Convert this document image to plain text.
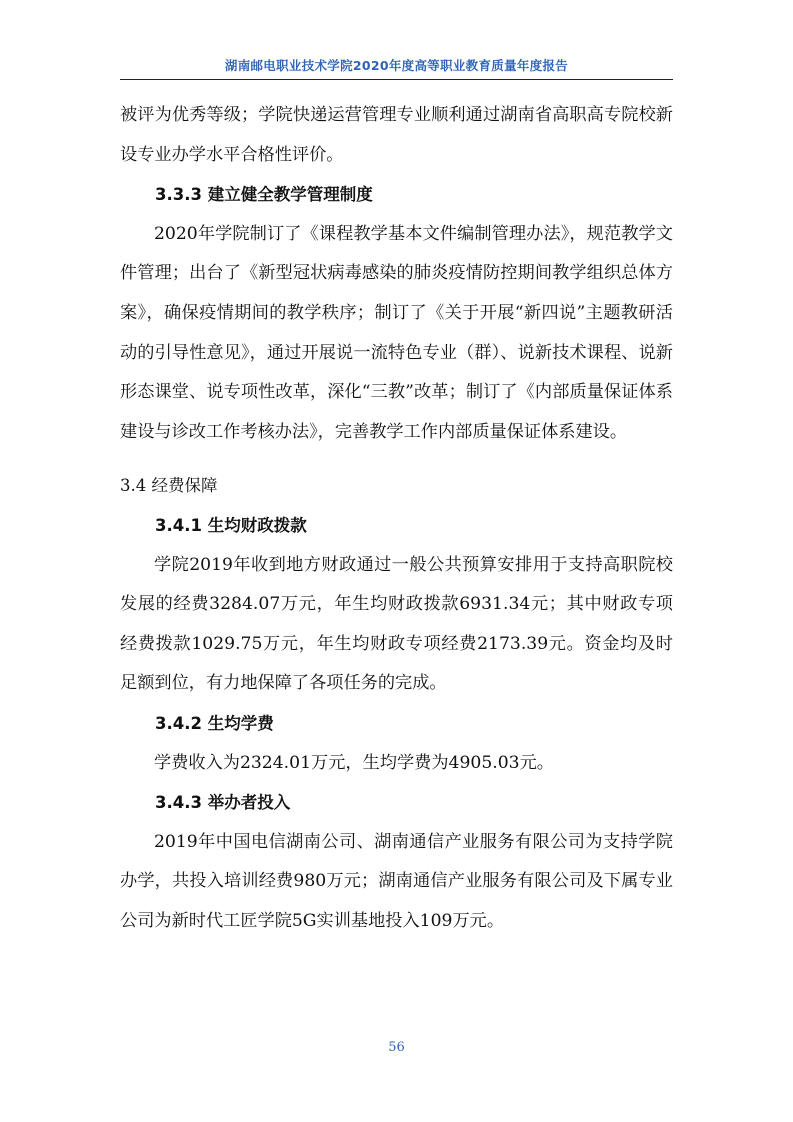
湖南邮电职业技术学院2020年度高等职业教育质量年度报告

被评为优秀等级；学院快递运营管理专业顺利通过湖南省高职高专院校新设专业办学水平合格性评价。

3.3.3 建立健全教学管理制度

2020年学院制订了《课程教学基本文件编制管理办法》，规范教学文件管理；出台了《新型冠状病毒感染的肺炎疫情防控期间教学组织总体方案》，确保疫情期间的教学秩序；制订了《关于开展“新四说”主题教研活动的引导性意见》，通过开展说一流特色专业（群）、说新技术课程、说新形态课堂、说专项性改革，深化“三教”改革；制订了《内部质量保证体系建设与诊改工作考核办法》，完善教学工作内部质量保证体系建设。

3.4 经费保障

3.4.1 生均财政拨款

学院2019年收到地方财政通过一般公共预算安排用于支持高职院校发展的经费3284.07万元，年生均财政拨款6931.34元；其中财政专项经费拨款1029.75万元，年生均财政专项经费2173.39元。资金均及时足额到位，有力地保障了各项任务的完成。

3.4.2 生均学费

学费收入为2324.01万元，生均学费为4905.03元。

3.4.3 举办者投入

2019年中国电信湖南公司、湖南通信产业服务有限公司为支持学院办学，共投入培训经费980万元；湖南通信产业服务有限公司及下属专业公司为新时代工匠学院5G实训基地投入109万元。

56
